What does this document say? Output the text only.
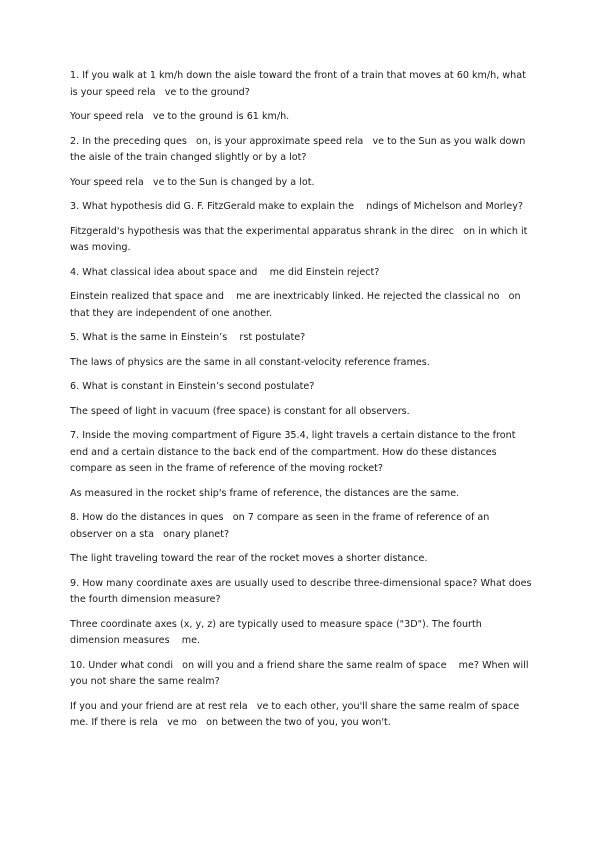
1. If you walk at 1 km/h down the aisle toward the front of a train that moves at 60 km/h, what is your speed rela   ve to the ground?

Your speed rela   ve to the ground is 61 km/h.

2. In the preceding ques   on, is your approximate speed rela   ve to the Sun as you walk down the aisle of the train changed slightly or by a lot?

Your speed rela   ve to the Sun is changed by a lot.

3. What hypothesis did G. F. FitzGerald make to explain the    ndings of Michelson and Morley?

Fitzgerald's hypothesis was that the experimental apparatus shrank in the direc   on in which it was moving.

4. What classical idea about space and    me did Einstein reject?

Einstein realized that space and    me are inextricably linked. He rejected the classical no   on that they are independent of one another.

5. What is the same in Einstein’s    rst postulate?

The laws of physics are the same in all constant-velocity reference frames.

6. What is constant in Einstein’s second postulate?

The speed of light in vacuum (free space) is constant for all observers.

7. Inside the moving compartment of Figure 35.4, light travels a certain distance to the front end and a certain distance to the back end of the compartment. How do these distances compare as seen in the frame of reference of the moving rocket?

As measured in the rocket ship's frame of reference, the distances are the same.

8. How do the distances in ques   on 7 compare as seen in the frame of reference of an observer on a sta   onary planet?

The light traveling toward the rear of the rocket moves a shorter distance.

9. How many coordinate axes are usually used to describe three-dimensional space? What does the fourth dimension measure?

Three coordinate axes (x, y, z) are typically used to measure space ("3D"). The fourth dimension measures    me.

10. Under what condi   on will you and a friend share the same realm of space    me? When will you not share the same realm?

If you and your friend are at rest rela   ve to each other, you'll share the same realm of space    me. If there is rela   ve mo   on between the two of you, you won't.
